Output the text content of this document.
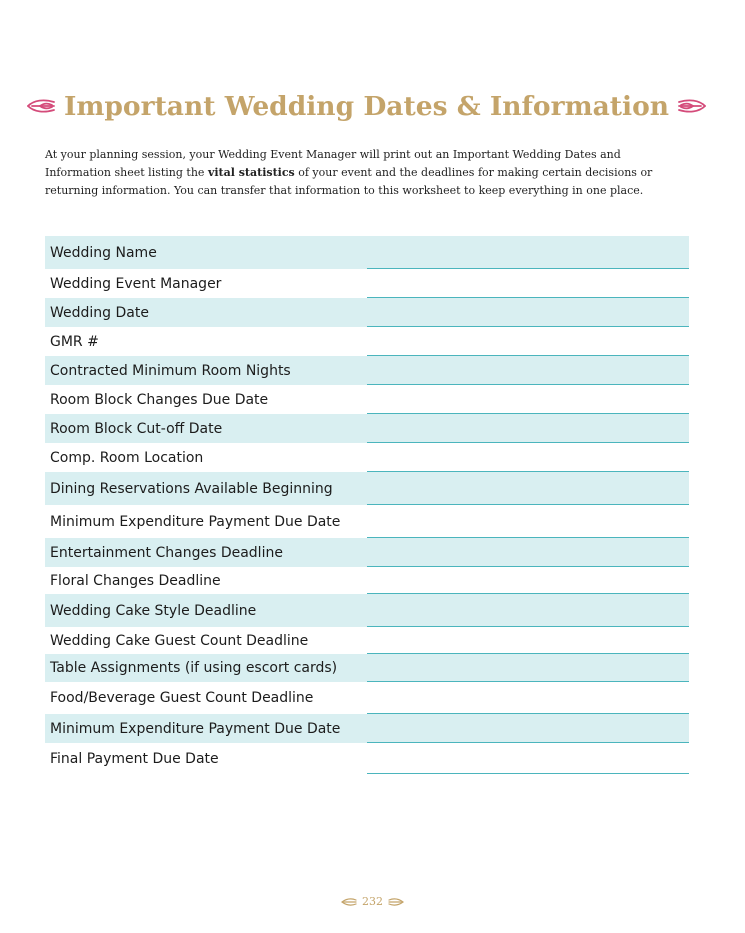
Important Wedding Dates & Information

At your planning session, your Wedding Event Manager will print out an Important Wedding Dates and Information sheet listing the vital statistics of your event and the deadlines for making certain decisions or returning information. You can transfer that information to this worksheet to keep everything in one place.

Wedding Name
Wedding Event Manager
Wedding Date
GMR #
Contracted Minimum Room Nights
Room Block Changes Due Date
Room Block Cut-off Date
Comp. Room Location
Dining Reservations Available Beginning
Minimum Expenditure Payment Due Date
Entertainment Changes Deadline
Floral Changes Deadline
Wedding Cake Style Deadline
Wedding Cake Guest Count Deadline
Table Assignments (if using escort cards)
Food/Beverage Guest Count Deadline
Minimum Expenditure Payment Due Date
Final Payment Due Date
232
